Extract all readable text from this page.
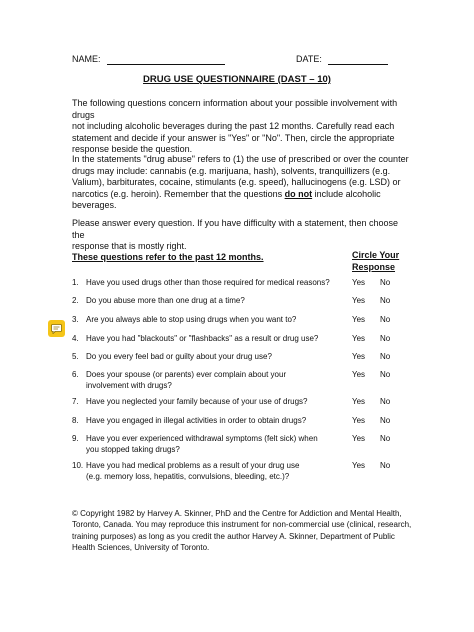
NAME:	DATE:
DRUG USE QUESTIONNAIRE (DAST – 10)
The following questions concern information about your possible involvement with drugs
not including alcoholic beverages during the past 12 months. Carefully read each
statement and decide if your answer is "Yes" or "No". Then, circle the appropriate
response beside the question.
In the statements "drug abuse" refers to (1) the use of prescribed or over the counter
drugs may include: cannabis (e.g. marijuana, hash), solvents, tranquillizers (e.g.
Valium), barbiturates, cocaine, stimulants (e.g. speed), hallucinogens (e.g. LSD) or
narcotics (e.g. heroin). Remember that the questions do not include alcoholic
beverages.
Please answer every question. If you have difficulty with a statement, then choose the
response that is mostly right.
These questions refer to the past 12 months.	Circle Your
Response
1. Have you used drugs other than those required for medical reasons?	Yes No
2. Do you abuse more than one drug at a time?	Yes No
3. Are you always able to stop using drugs when you want to?	Yes No
4. Have you had "blackouts" or "flashbacks" as a result or drug use?	Yes No
5. Do you every feel bad or guilty about your drug use?	Yes No
6. Does your spouse (or parents) ever complain about your
involvement with drugs?
Yes No
7. Have you neglected your family because of your use of drugs?	Yes No
8. Have you engaged in illegal activities in order to obtain drugs?	Yes No
9. Have you ever experienced withdrawal symptoms (felt sick) when
you stopped taking drugs?
Yes No
10. Have you had medical problems as a result of your drug use
(e.g. memory loss, hepatitis, convulsions, bleeding, etc.)?
Yes No
© Copyright 1982 by Harvey A. Skinner, PhD and the Centre for Addiction and Mental Health,
Toronto, Canada. You may reproduce this instrument for non-commercial use (clinical, research,
training purposes) as long as you credit the author Harvey A. Skinner, Department of Public
Health Sciences, University of Toronto.
